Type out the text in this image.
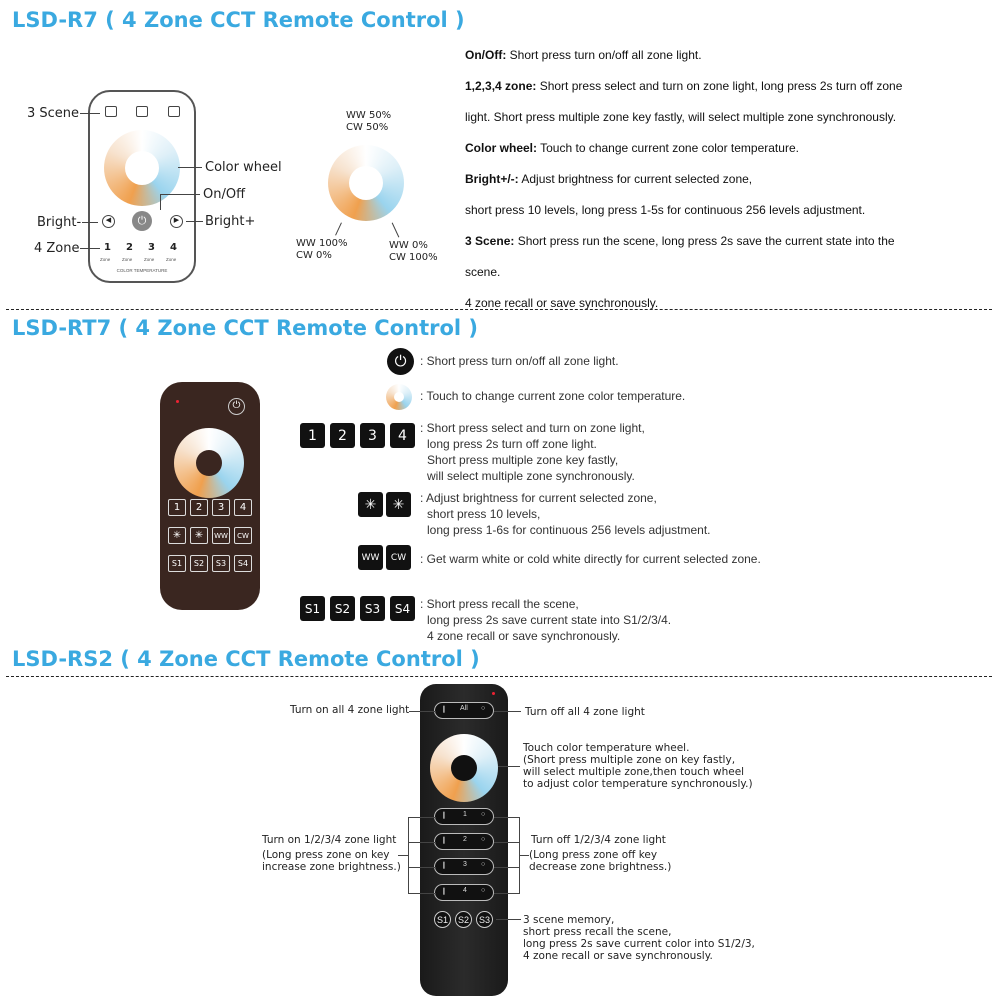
LSD-R7 ( 4 Zone CCT Remote Control )
◀	⏻	▶
1 2 3 4
Zone	Zone	Zone	Zone
COLOR TEMPERATURE
3 Scene
Color wheel
On/Off
Bright-	Bright+
4 Zone
WW 50%
CW 50%
WW 100%
CW 0%
WW 0%
CW 100%
On/Off: Short press turn on/off all zone light.
1,2,3,4 zone: Short press select and turn on zone light, long press 2s turn off zone
light. Short press multiple zone key fastly, will select multiple zone synchronously.
Color wheel: Touch to change current zone color temperature.
Bright+/-: Adjust brightness for current selected zone,
short press 10 levels, long press 1-5s for continuous 256 levels adjustment.
3 Scene: Short press run the scene, long press 2s save the current state into the
scene.
4 zone recall or save synchronously.
LSD-RT7 ( 4 Zone CCT Remote Control )
⏻
1	2	3	4
✳	✳	WW	CW
S1	S2	S3	S4
⏻	: Short press turn on/off all zone light.
: Touch to change current zone color temperature.
1	2	3	4	: Short press select and turn on zone light,
long press 2s turn off zone light.
Short press multiple zone key fastly,
will select multiple zone synchronously.
✳	✳	: Adjust brightness for current selected zone,
short press 10 levels,
long press 1-6s for continuous 256 levels adjustment.
WW	CW	: Get warm white or cold white directly for current selected zone.
S1	S2	S3	S4 : Short press recall the scene,
long press 2s save current state into S1/2/3/4.
4 zone recall or save synchronously.
LSD-RS2 ( 4 Zone CCT Remote Control )
❙ All ○
❙ 1 ○
❙ 2 ○
❙ 3 ○
❙ 4 ○
S1	S2	S3
Turn on all 4 zone light
Turn on 1/2/3/4 zone light
(Long press zone on key
increase zone brightness.)
Turn off all 4 zone light
Touch color temperature wheel.
(Short press multiple zone on key fastly,
will select multiple zone,then touch wheel
to adjust color temperature synchronously.)
Turn off 1/2/3/4 zone light
(Long press zone off key
decrease zone brightness.)
3 scene memory,
short press recall the scene,
long press 2s save current color into S1/2/3,
4 zone recall or save synchronously.
